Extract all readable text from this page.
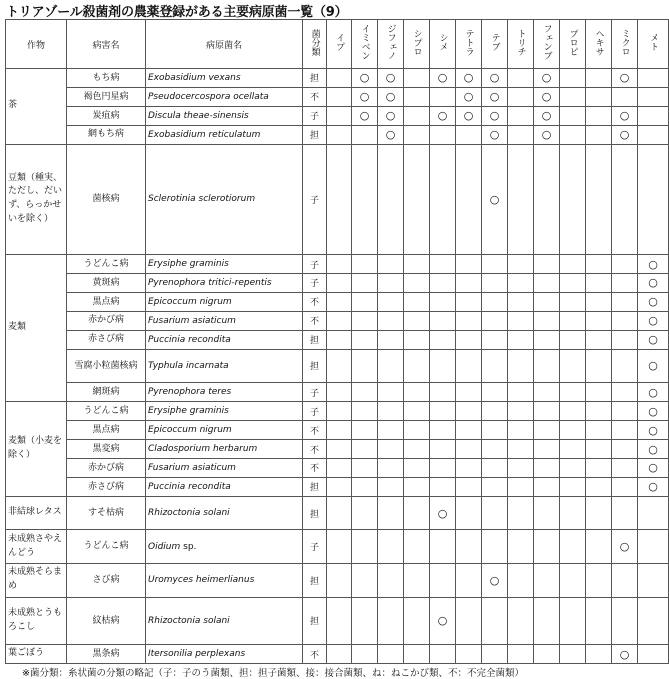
トリアゾール殺菌剤の農薬登録がある主要病原菌一覧（9）
作物	病害名	病原菌名	菌分類	イプ	イミベン	ジフェノ	シプロ	シメ	テトラ	テブ	トリチ	フェンブ	プロピ	ヘキサ	ミクロ	メト
茶	もち病	Exobasidium vexans	担		○	○		○	○	○		○			○	
	褐色円星病	Pseudocercospora ocellata	不		○	○			○	○		○				
	炭疽病	Discula theae-sinensis	子		○	○		○	○	○		○			○	
	網もち病	Exobasidium reticulatum	担			○				○		○			○	
豆類（種実、ただし、だいず、らっかせいを除く）	菌核病	Sclerotinia sclerotiorum	子							○						
麦類	うどんこ病	Erysiphe graminis	子													○
	黄斑病	Pyrenophora tritici-repentis	子													○
	黒点病	Epicoccum nigrum	不													○
	赤かび病	Fusarium asiaticum	不													○
	赤さび病	Puccinia recondita	担													○
	雪腐小粒菌核病	Typhula incarnata	担													○
	網斑病	Pyrenophora teres	子													○
麦類（小麦を除く）	うどんこ病	Erysiphe graminis	子													○
	黒点病	Epicoccum nigrum	不													○
	黒変病	Cladosporium herbarum	不													○
	赤かび病	Fusarium asiaticum	不													○
	赤さび病	Puccinia recondita	担													○
非結球レタス	すそ枯病	Rhizoctonia solani	担					○								
未成熟さやえんどう	うどんこ病	Oidium sp.	子												○	
未成熟そらまめ	さび病	Uromyces heimerlianus	担							○						
未成熟とうもろこし	紋枯病	Rhizoctonia solani	担					○								
葉ごぼう	黒条病	Itersonilia perplexans	不												○	
※菌分類：糸状菌の分類の略記（子：子のう菌類、担：担子菌類、接：接合菌類、ね：ねこかび類、不：不完全菌類）
